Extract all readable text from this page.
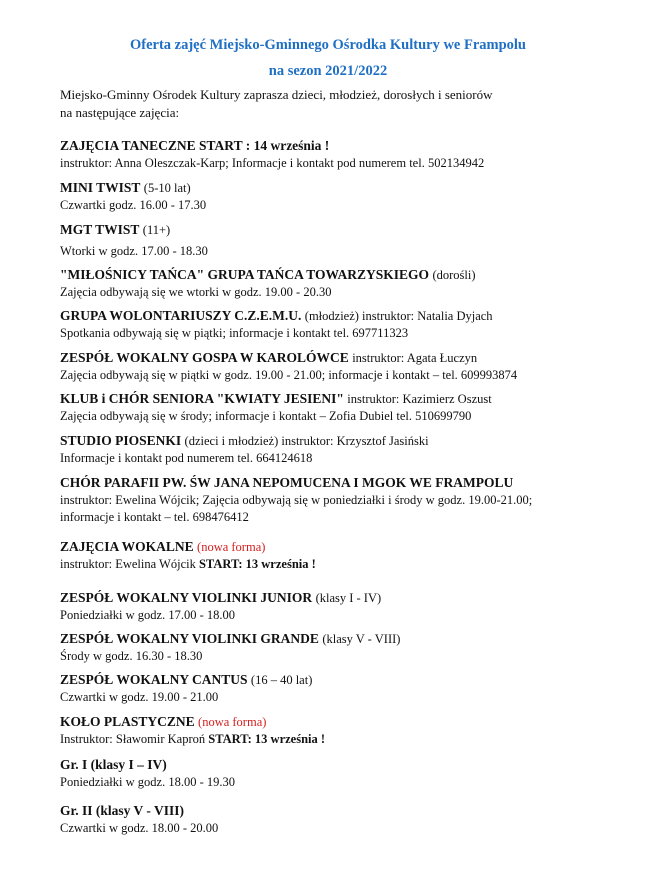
Oferta zajęć Miejsko-Gminnego Ośrodka Kultury we Frampolu
na sezon 2021/2022
Miejsko-Gminny Ośrodek Kultury zaprasza dzieci, młodzież, dorosłych i seniorów
na następujące zajęcia:
ZAJĘCIA TANECZNE START : 14 września !
instruktor: Anna Oleszczak-Karp; Informacje i kontakt pod numerem tel. 502134942
MINI TWIST (5-10 lat)
Czwartki godz. 16.00 - 17.30
MGT TWIST (11+)
Wtorki w godz. 17.00 - 18.30
"MIŁOŚNICY TAŃCA" GRUPA TAŃCA TOWARZYSKIEGO (dorośli)
Zajęcia odbywają się we wtorki w godz. 19.00 - 20.30
GRUPA WOLONTARIUSZY C.Z.E.M.U. (młodzież) instruktor: Natalia Dyjach
Spotkania odbywają się w piątki; informacje i kontakt tel. 697711323
ZESPÓŁ WOKALNY GOSPA W KAROLÓWCE instruktor: Agata Łuczyn
Zajęcia odbywają się w piątki w godz. 19.00 - 21.00; informacje i kontakt – tel. 609993874
KLUB i CHÓR SENIORA "KWIATY JESIENI" instruktor: Kazimierz Oszust
Zajęcia odbywają się w środy; informacje i kontakt – Zofia Dubiel tel. 510699790
STUDIO PIOSENKI (dzieci i młodzież) instruktor: Krzysztof Jasiński
Informacje i kontakt pod numerem tel. 664124618
CHÓR PARAFII PW. ŚW JANA NEPOMUCENA I MGOK WE FRAMPOLU
instruktor: Ewelina Wójcik; Zajęcia odbywają się w poniedziałki i środy w godz. 19.00-21.00;
informacje i kontakt – tel. 698476412
ZAJĘCIA WOKALNE (nowa forma)
instruktor: Ewelina Wójcik START: 13 września !
ZESPÓŁ WOKALNY VIOLINKI JUNIOR (klasy I - IV)
Poniedziałki w godz. 17.00 - 18.00
ZESPÓŁ WOKALNY VIOLINKI GRANDE (klasy V - VIII)
Środy w godz. 16.30 - 18.30
ZESPÓŁ WOKALNY CANTUS (16 – 40 lat)
Czwartki w godz. 19.00 - 21.00
KOŁO PLASTYCZNE (nowa forma)
Instruktor: Sławomir Kaproń START: 13 września !
Gr. I (klasy I – IV)
Poniedziałki w godz. 18.00 - 19.30
Gr. II (klasy V - VIII)
Czwartki w godz. 18.00 - 20.00
